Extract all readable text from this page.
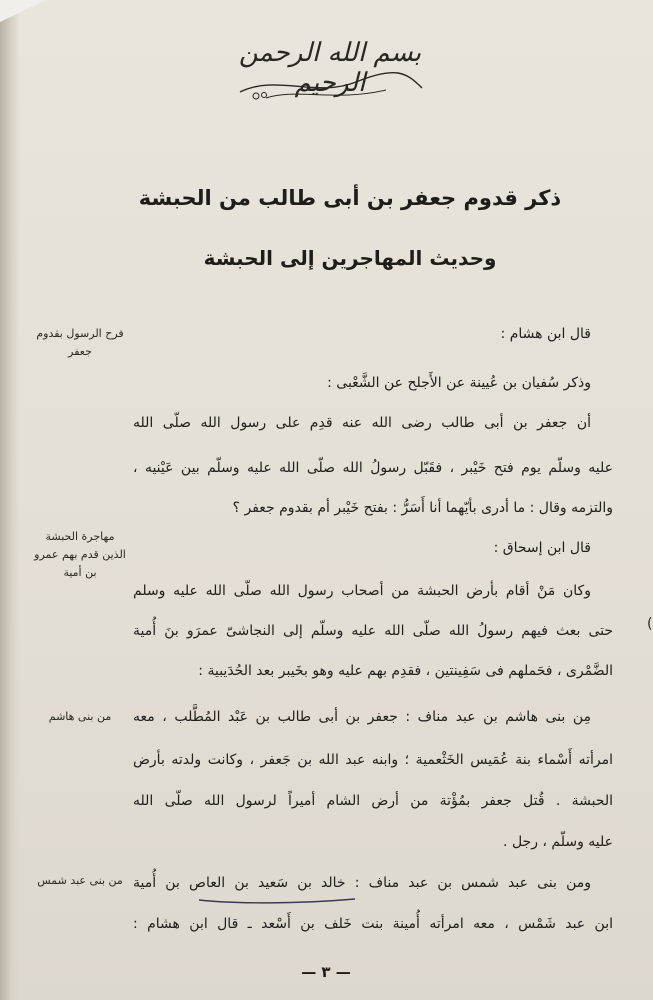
بسم الله الرحمن الرحيم
ذكر قدوم جعفر بن أبى طالب من الحبشة
وحديث المهاجرين إلى الحبشة
فرح الرسول بقدوم جعفر
مهاجرة الحبشة الذين قدم بهم عمرو بن أمية
من بنى هاشم
من بنى عبد شمس
قال ابن هشام :
وذكر سُفيان بن عُيينة عن الأَجلح عن الشَّعْبى :
أن جعفر بن أبى طالب رضى الله عنه قدِم على رسول الله صلّى الله
عليه وسلّم يوم فتح خَيْبر ، فقَبّل رسولُ الله صلّى الله عليه وسلّم بين عَيْنيه ،
والتزمه وقال : ما أدرى بأيّهما أنا أَسَرُّ : بفتح خَيْبر أم بقدوم جعفر ؟
قال ابن إسحاق :
وكان مَنْ أقام بأرض الحبشة من أصحاب رسول الله صلّى الله عليه وسلم
حتى بعث فيهم رسولُ الله صلّى الله عليه وسلّم إلى النجاشىّ عمرَو بنَ أُمية
الضَّمْرى ، فحَملهم فى سَفِينتين ، فقدِم بهم عليه وهو بخَيبر بعد الحُدَيبية :
مِن بنى هاشم بن عبد مناف : جعفر بن أبى طالب بن عَبْد المُطَّلب ، معه
امرأته أَسْماء بنة عُمَيس الخَثْعمية ؛ وابنه عبد الله بن جَعفر ، وكانت ولدته بأرض
الحبشة . قُتل جعفر بمُؤْتة من أرض الشام أميراً لرسول الله صلّى الله
عليه وسلّم ، رجل .
ومن بنى عبد شمس بن عبد مناف : خالد بن سَعيد بن العاص بن أُمية
ابن عبد شَمْس ، معه امرأته أُمينة بنت خَلف بن أَسْعد ـ قال ابن هشام :
(
— ٣ —
